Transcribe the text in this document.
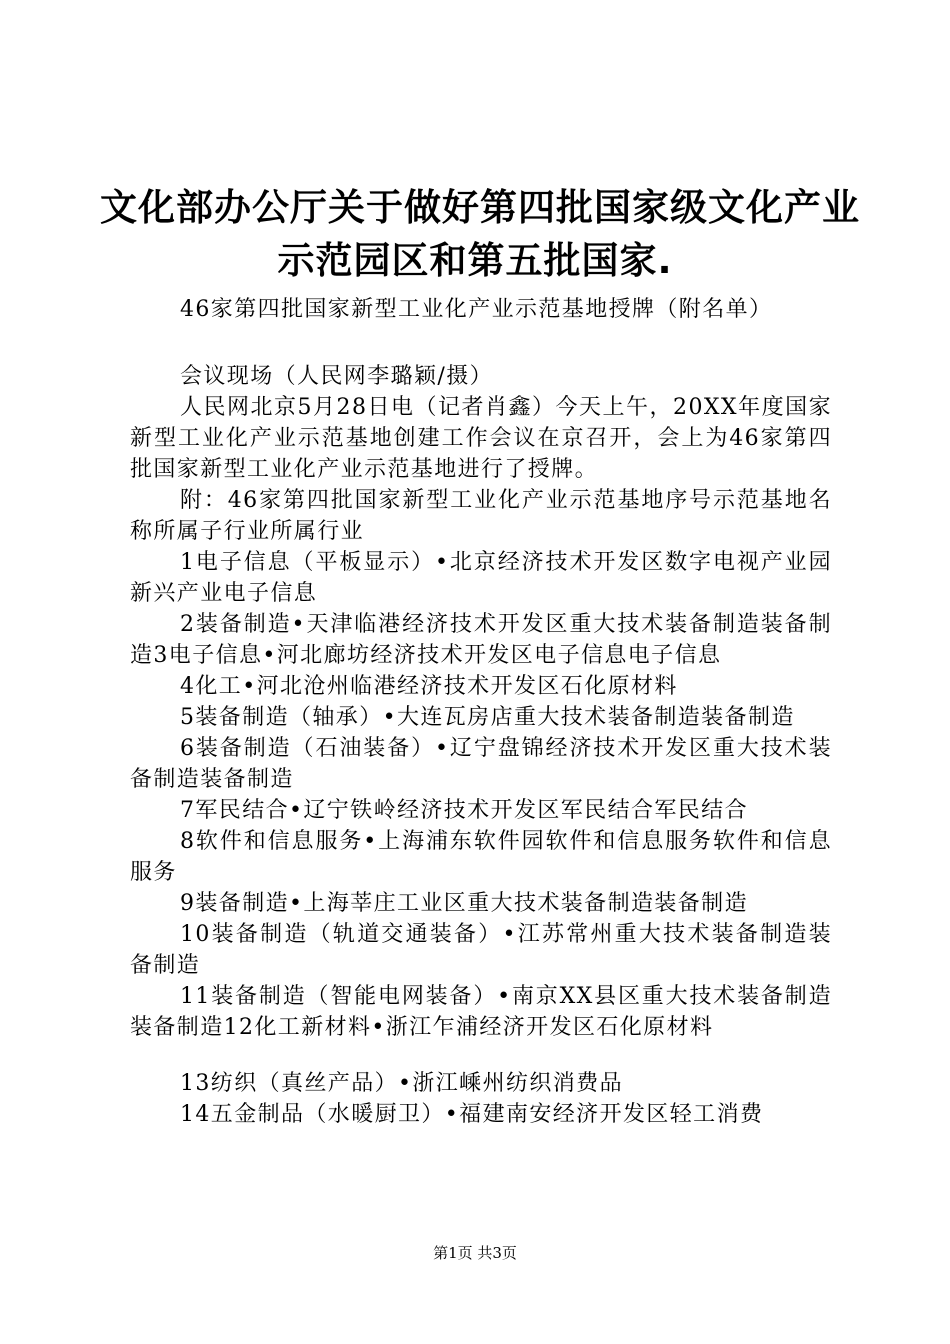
文化部办公厅关于做好第四批国家级文化产业
示范园区和第五批国家.

46家第四批国家新型工业化产业示范基地授牌（附名单）

会议现场（人民网李璐颖/摄）

人民网北京5月28日电（记者肖鑫）今天上午，20XX年度国家新型工业化产业示范基地创建工作会议在京召开，会上为46家第四批国家新型工业化产业示范基地进行了授牌。

附：46家第四批国家新型工业化产业示范基地序号示范基地名称所属子行业所属行业

1电子信息（平板显示）•北京经济技术开发区数字电视产业园新兴产业电子信息

2装备制造•天津临港经济技术开发区重大技术装备制造装备制造3电子信息•河北廊坊经济技术开发区电子信息电子信息

4化工•河北沧州临港经济技术开发区石化原材料

5装备制造（轴承）•大连瓦房店重大技术装备制造装备制造

6装备制造（石油装备）•辽宁盘锦经济技术开发区重大技术装备制造装备制造

7军民结合•辽宁铁岭经济技术开发区军民结合军民结合

8软件和信息服务•上海浦东软件园软件和信息服务软件和信息服务

9装备制造•上海莘庄工业区重大技术装备制造装备制造

10装备制造（轨道交通装备）•江苏常州重大技术装备制造装备制造

11装备制造（智能电网装备）•南京XX县区重大技术装备制造装备制造12化工新材料•浙江乍浦经济开发区石化原材料

13纺织（真丝产品）•浙江嵊州纺织消费品

14五金制品（水暖厨卫）•福建南安经济开发区轻工消费

第1页 共3页
